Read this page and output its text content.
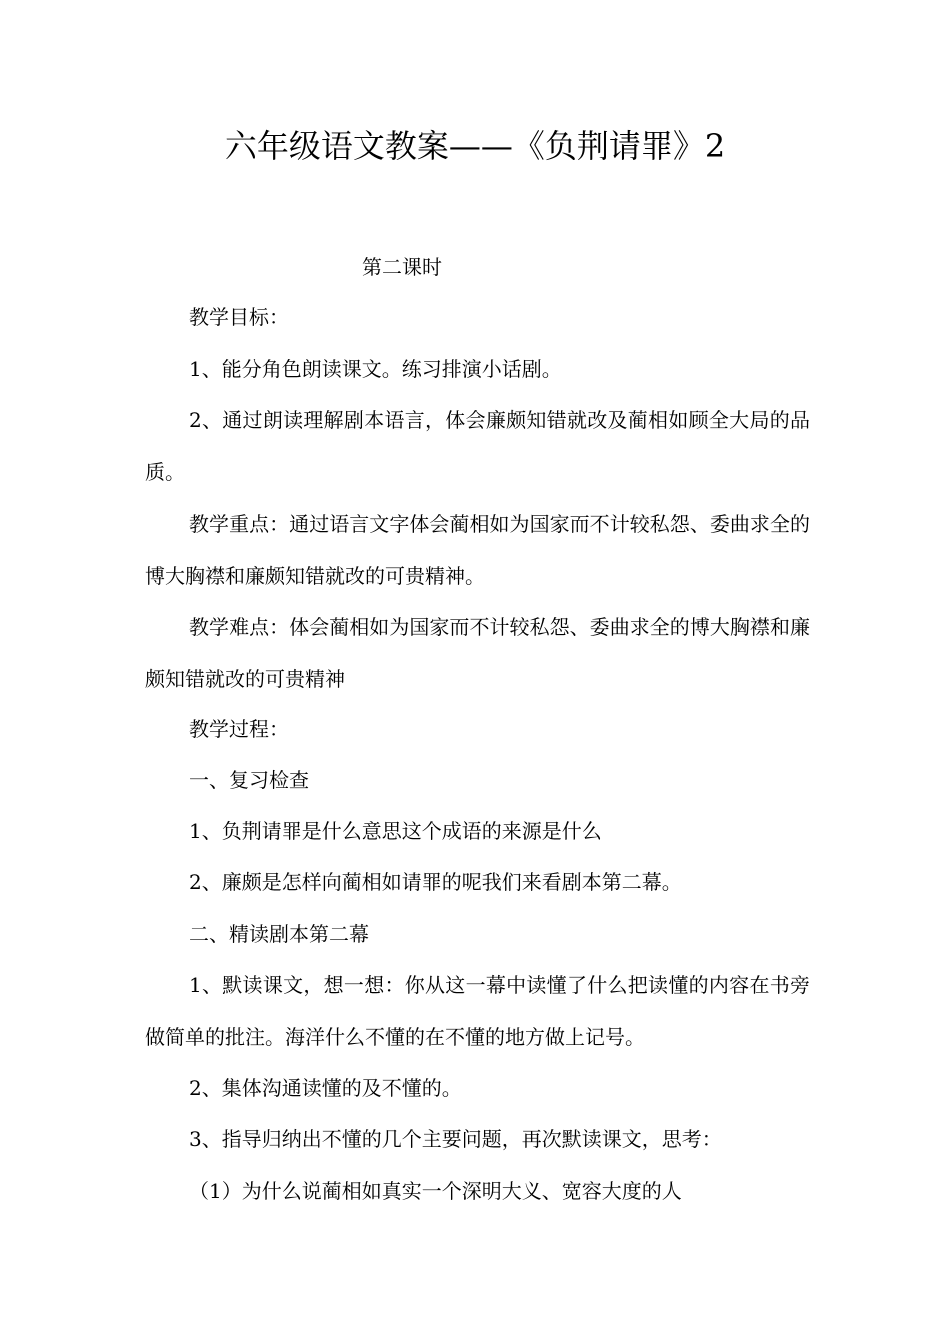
六年级语文教案——《负荆请罪》2
第二课时
教学目标：
1、能分角色朗读课文。练习排演小话剧。
2、通过朗读理解剧本语言，体会廉颇知错就改及蔺相如顾全大局的品质。
教学重点：通过语言文字体会蔺相如为国家而不计较私怨、委曲求全的博大胸襟和廉颇知错就改的可贵精神。
教学难点：体会蔺相如为国家而不计较私怨、委曲求全的博大胸襟和廉颇知错就改的可贵精神
教学过程：
一、复习检查
1、负荆请罪是什么意思这个成语的来源是什么
2、廉颇是怎样向蔺相如请罪的呢我们来看剧本第二幕。
二、精读剧本第二幕
1、默读课文，想一想：你从这一幕中读懂了什么把读懂的内容在书旁做简单的批注。海洋什么不懂的在不懂的地方做上记号。
2、集体沟通读懂的及不懂的。
3、指导归纳出不懂的几个主要问题，再次默读课文，思考：
（1）为什么说蔺相如真实一个深明大义、宽容大度的人
